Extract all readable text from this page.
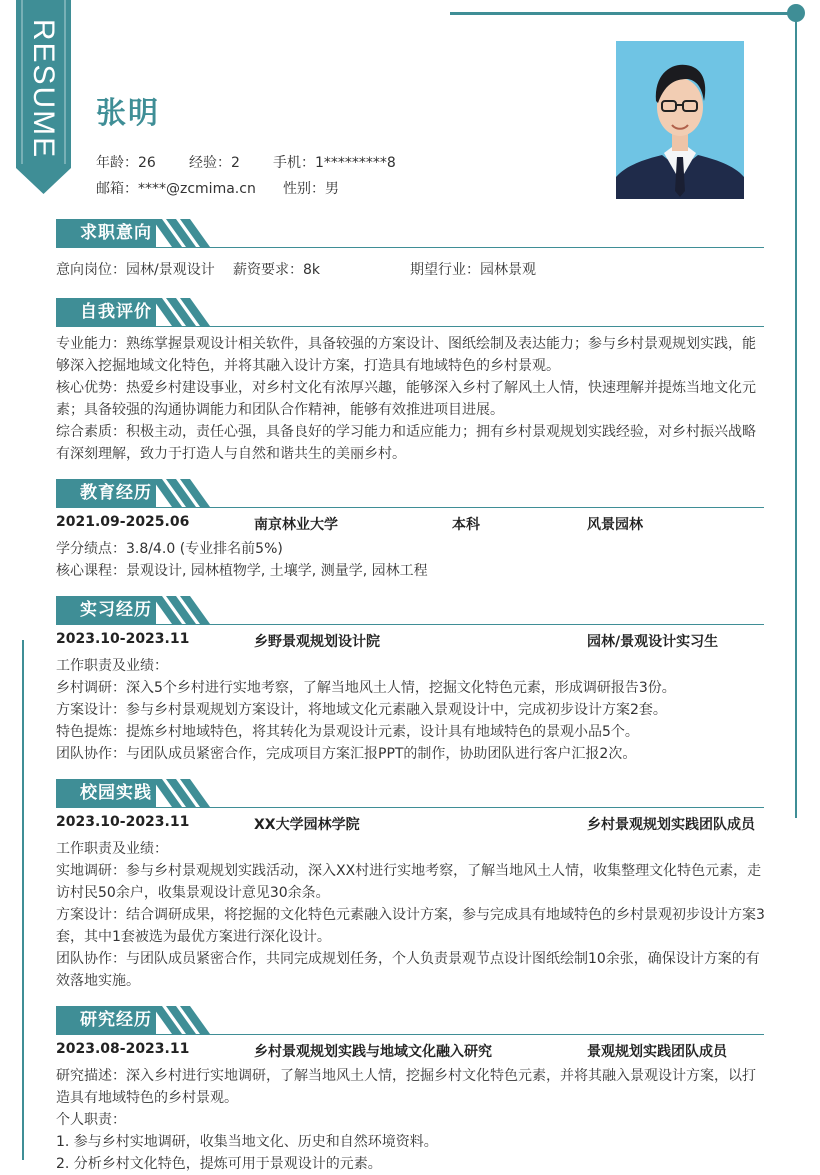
RESUME 张明
年龄：26 经验：2 手机：1*********8
邮箱：****@zcmima.cn 性别：男
求职意向
意向岗位：园林/景观设计 薪资要求：8k	期望行业：园林景观
自我评价

专业能力：熟练掌握景观设计相关软件，具备较强的方案设计、图纸绘制及表达能力；参与乡村景观规划实践，能够深入挖掘地域文化特色，并将其融入设计方案，打造具有地域特色的乡村景观。

核心优势：热爱乡村建设事业，对乡村文化有浓厚兴趣，能够深入乡村了解风土人情，快速理解并提炼当地文化元素；具备较强的沟通协调能力和团队合作精神，能够有效推进项目进展。

综合素质：积极主动，责任心强，具备良好的学习能力和适应能力；拥有乡村景观规划实践经验，对乡村振兴战略有深刻理解，致力于打造人与自然和谐共生的美丽乡村。

教育经历
2021.09-2025.06	南京林业大学	本科	风景园林

学分绩点：3.8/4.0 (专业排名前5%)

核心课程：景观设计, 园林植物学, 土壤学, 测量学, 园林工程

实习经历
2023.10-2023.11	乡野景观规划设计院	园林/景观设计实习生

工作职责及业绩：

乡村调研：深入5个乡村进行实地考察，了解当地风土人情，挖掘文化特色元素，形成调研报告3份。

方案设计：参与乡村景观规划方案设计，将地域文化元素融入景观设计中，完成初步设计方案2套。

特色提炼：提炼乡村地域特色，将其转化为景观设计元素，设计具有地域特色的景观小品5个。

团队协作：与团队成员紧密合作，完成项目方案汇报PPT的制作，协助团队进行客户汇报2次。

校园实践
2023.10-2023.11	XX大学园林学院	乡村景观规划实践团队成员

工作职责及业绩：

实地调研：参与乡村景观规划实践活动，深入XX村进行实地考察，了解当地风土人情，收集整理文化特色元素，走访村民50余户，收集景观设计意见30余条。

方案设计：结合调研成果，将挖掘的文化特色元素融入设计方案，参与完成具有地域特色的乡村景观初步设计方案3套，其中1套被选为最优方案进行深化设计。

团队协作：与团队成员紧密合作，共同完成规划任务，个人负责景观节点设计图纸绘制10余张，确保设计方案的有效落地实施。

研究经历
2023.08-2023.11	乡村景观规划实践与地域文化融入研究	景观规划实践团队成员

研究描述：深入乡村进行实地调研，了解当地风土人情，挖掘乡村文化特色元素，并将其融入景观设计方案，以打造具有地域特色的乡村景观。

个人职责：

1. 参与乡村实地调研，收集当地文化、历史和自然环境资料。

2. 分析乡村文化特色，提炼可用于景观设计的元素。
